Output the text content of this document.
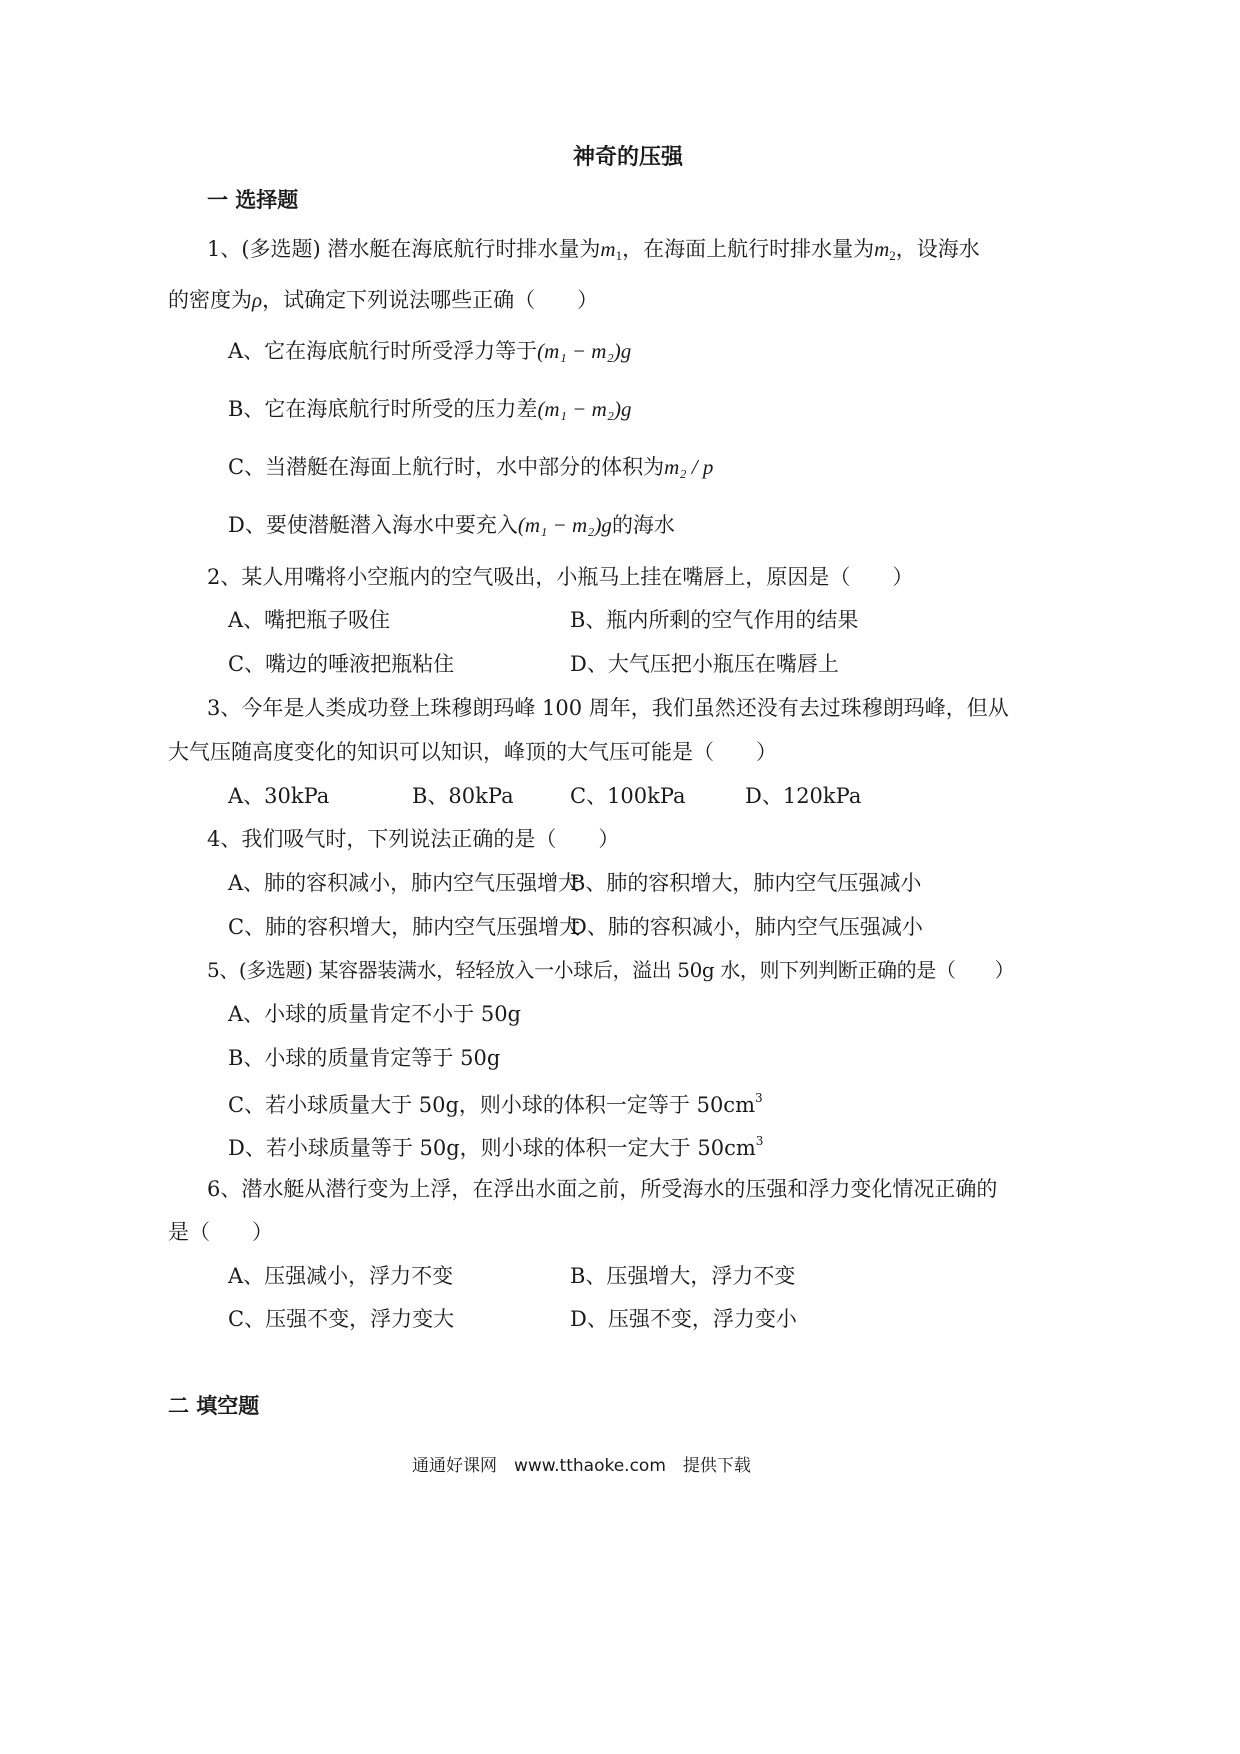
神奇的压强
一 选择题
1、(多选题) 潜水艇在海底航行时排水量为$m_1$，在海面上航行时排水量为$m_2$，设海水
的密度为ρ，试确定下列说法哪些正确（　　）
A、它在海底航行时所受浮力等于(m₁ − m₂)g
B、它在海底航行时所受的压力差(m₁ − m₂)g
C、当潜艇在海面上航行时，水中部分的体积为m₂ / p
D、要使潜艇潜入海水中要充入(m₁ − m₂)g的海水
2、某人用嘴将小空瓶内的空气吸出，小瓶马上挂在嘴唇上，原因是（　　）
A、嘴把瓶子吸住	B、瓶内所剩的空气作用的结果
C、嘴边的唾液把瓶粘住	D、大气压把小瓶压在嘴唇上
3、今年是人类成功登上珠穆朗玛峰 100 周年，我们虽然还没有去过珠穆朗玛峰，但从
大气压随高度变化的知识可以知识，峰顶的大气压可能是（　　）
A、30kPa	B、80kPa	C、100kPa	D、120kPa
4、我们吸气时，下列说法正确的是（　　）
A、肺的容积减小，肺内空气压强增大
B、肺的容积增大，肺内空气压强减小
C、肺的容积增大，肺内空气压强增大
D、肺的容积减小，肺内空气压强减小
5、(多选题) 某容器装满水，轻轻放入一小球后，溢出 50g 水，则下列判断正确的是（　　）
A、小球的质量肯定不小于 50g
B、小球的质量肯定等于 50g
C、若小球质量大于 50g，则小球的体积一定等于 $50cm^3$
D、若小球质量等于 50g，则小球的体积一定大于 $50cm^3$
6、潜水艇从潜行变为上浮，在浮出水面之前，所受海水的压强和浮力变化情况正确的
是（　　）
A、压强减小，浮力不变	B、压强增大，浮力不变
C、压强不变，浮力变大	D、压强不变，浮力变小
二 填空题
通通好课网　www.tthaoke.com　提供下载
